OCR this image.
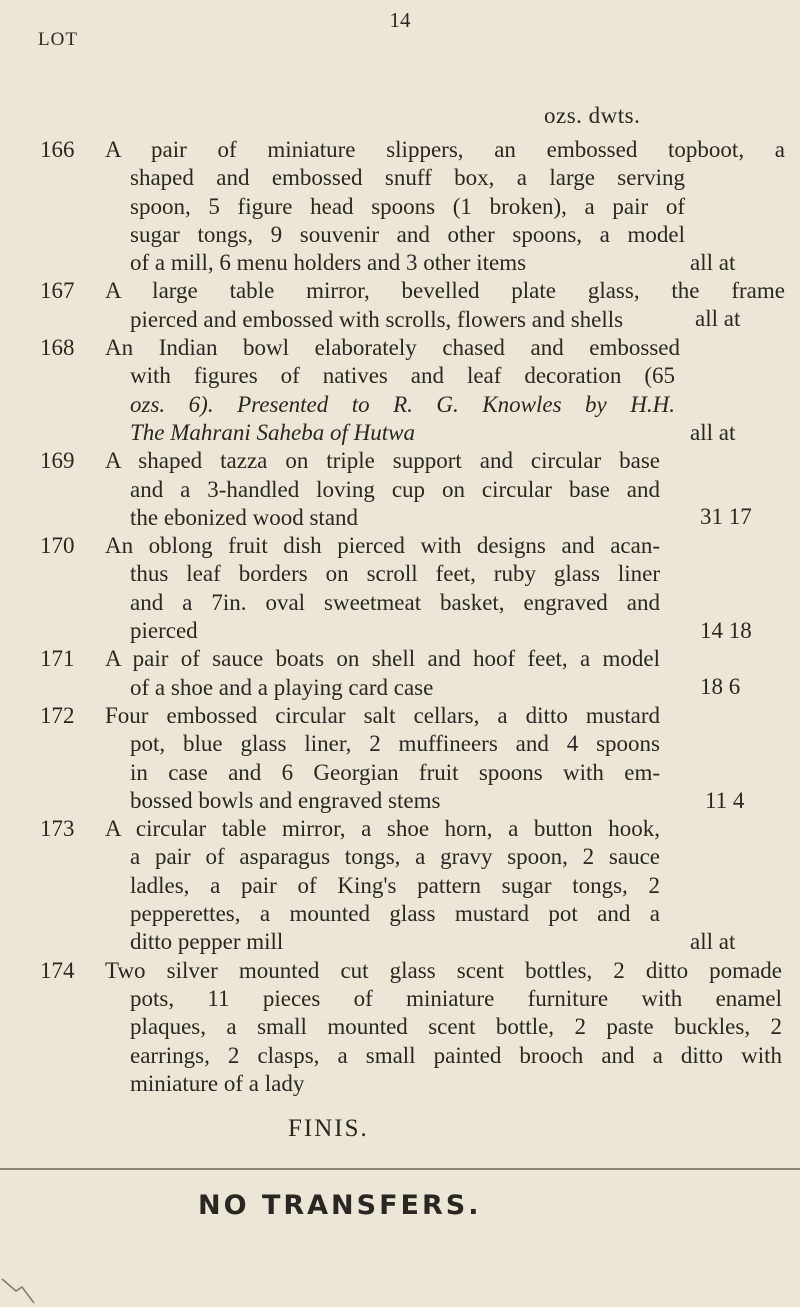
14
LOT
ozs. dwts.
166 A pair of miniature slippers, an embossed topboot, a
shaped and embossed snuff box, a large serving
spoon, 5 figure head spoons (1 broken), a pair of
sugar tongs, 9 souvenir and other spoons, a model
of a mill, 6 menu holders and 3 other items	all at
167 A large table mirror, bevelled plate glass, the frame
pierced and embossed with scrolls, flowers and shells	all at
168 An Indian bowl elaborately chased and embossed
with figures of natives and leaf decoration (65
ozs. 6). Presented to R. G. Knowles by H.H.
The Mahrani Saheba of Hutwa	all at
169 A shaped tazza on triple support and circular base
and a 3-handled loving cup on circular base and
the ebonized wood stand	31 17
170 An oblong fruit dish pierced with designs and acan-
thus leaf borders on scroll feet, ruby glass liner
and a 7in. oval sweetmeat basket, engraved and
pierced	14 18
171 A pair of sauce boats on shell and hoof feet, a model
of a shoe and a playing card case	18 6
172 Four embossed circular salt cellars, a ditto mustard
pot, blue glass liner, 2 muffineers and 4 spoons
in case and 6 Georgian fruit spoons with em-
bossed bowls and engraved stems	11 4
173 A circular table mirror, a shoe horn, a button hook,
a pair of asparagus tongs, a gravy spoon, 2 sauce
ladles, a pair of King's pattern sugar tongs, 2
pepperettes, a mounted glass mustard pot and a
ditto pepper mill	all at
174 Two silver mounted cut glass scent bottles, 2 ditto pomade
pots, 11 pieces of miniature furniture with enamel
plaques, a small mounted scent bottle, 2 paste buckles, 2
earrings, 2 clasps, a small painted brooch and a ditto with
miniature of a lady
FINIS.
NO TRANSFERS.
